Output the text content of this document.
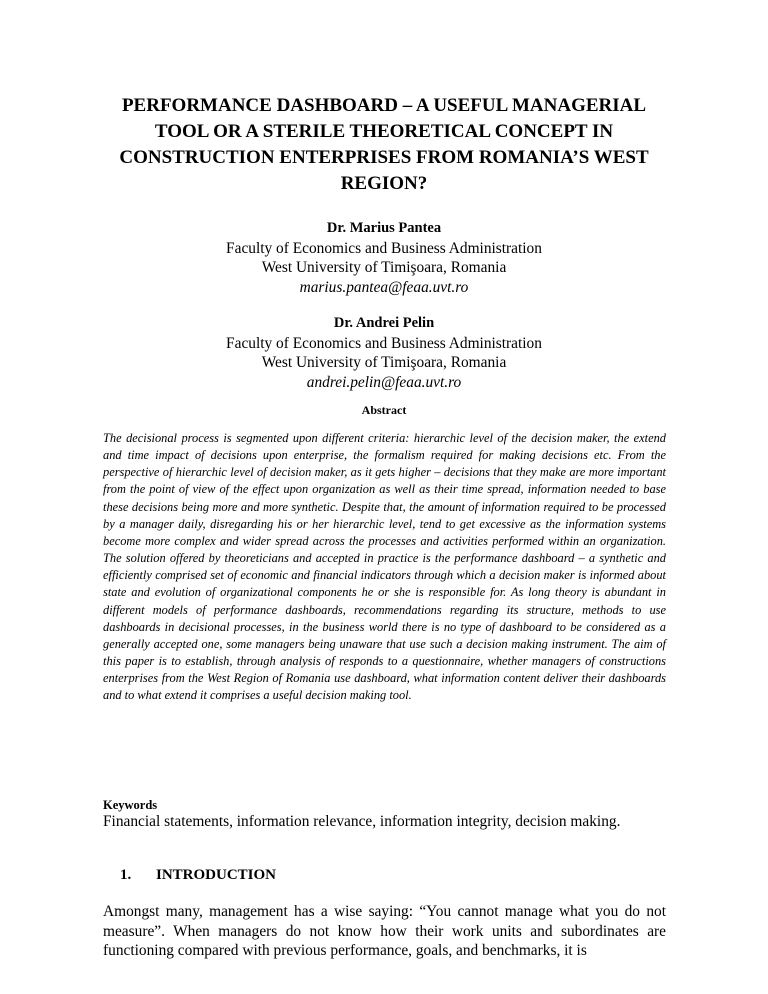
PERFORMANCE DASHBOARD – A USEFUL MANAGERIAL TOOL OR A STERILE THEORETICAL CONCEPT IN CONSTRUCTION ENTERPRISES FROM ROMANIA’S WEST REGION?
Dr. Marius Pantea
Faculty of Economics and Business Administration
West University of Timişoara, Romania
marius.pantea@feaa.uvt.ro
Dr. Andrei Pelin
Faculty of Economics and Business Administration
West University of Timişoara, Romania
andrei.pelin@feaa.uvt.ro
Abstract

The decisional process is segmented upon different criteria: hierarchic level of the decision maker, the extend and time impact of decisions upon enterprise, the formalism required for making decisions etc. From the perspective of hierarchic level of decision maker, as it gets higher – decisions that they make are more important from the point of view of the effect upon organization as well as their time spread, information needed to base these decisions being more and more synthetic. Despite that, the amount of information required to be processed by a manager daily, disregarding his or her hierarchic level, tend to get excessive as the information systems become more complex and wider spread across the processes and activities performed within an organization. The solution offered by theoreticians and accepted in practice is the performance dashboard – a synthetic and efficiently comprised set of economic and financial indicators through which a decision maker is informed about state and evolution of organizational components he or she is responsible for. As long theory is abundant in different models of performance dashboards, recommendations regarding its structure, methods to use dashboards in decisional processes, in the business world there is no type of dashboard to be considered as a generally accepted one, some managers being unaware that use such a decision making instrument. The aim of this paper is to establish, through analysis of responds to a questionnaire, whether managers of constructions enterprises from the West Region of Romania use dashboard, what information content deliver their dashboards and to what extend it comprises a useful decision making tool.

Keywords

Financial statements, information relevance, information integrity, decision making.

1. INTRODUCTION

Amongst many, management has a wise saying: “You cannot manage what you do not measure”. When managers do not know how their work units and subordinates are functioning compared with previous performance, goals, and benchmarks, it is
